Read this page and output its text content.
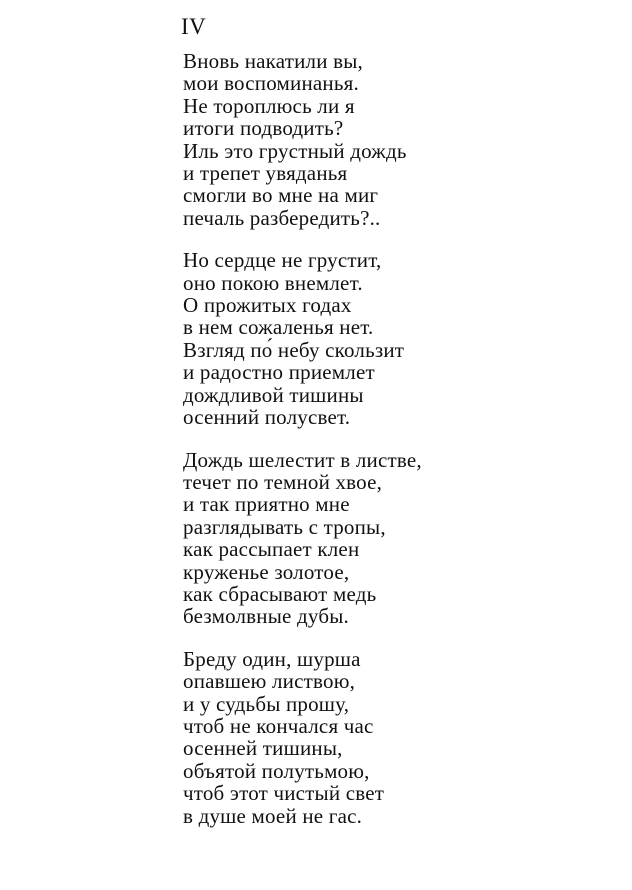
IV
Вновь накатили вы,
мои воспоминанья.
Не тороплюсь ли я
итоги подводить?
Иль это грустный дождь
и трепет увяданья
смогли во мне на миг
печаль разбередить?..
Но сердце не грустит,
оно покою внемлет.
О прожитых годах
в нем сожаленья нет.
Взгляд по́ небу скользит
и радостно приемлет
дождливой тишины
осенний полусвет.
Дождь шелестит в листве,
течет по темной хвое,
и так приятно мне
разглядывать с тропы,
как рассыпает клен
круженье золотое,
как сбрасывают медь
безмолвные дубы.
Бреду один, шурша
опавшею листвою,
и у судьбы прошу,
чтоб не кончался час
осенней тишины,
объятой полутьмою,
чтоб этот чистый свет
в душе моей не гас.
